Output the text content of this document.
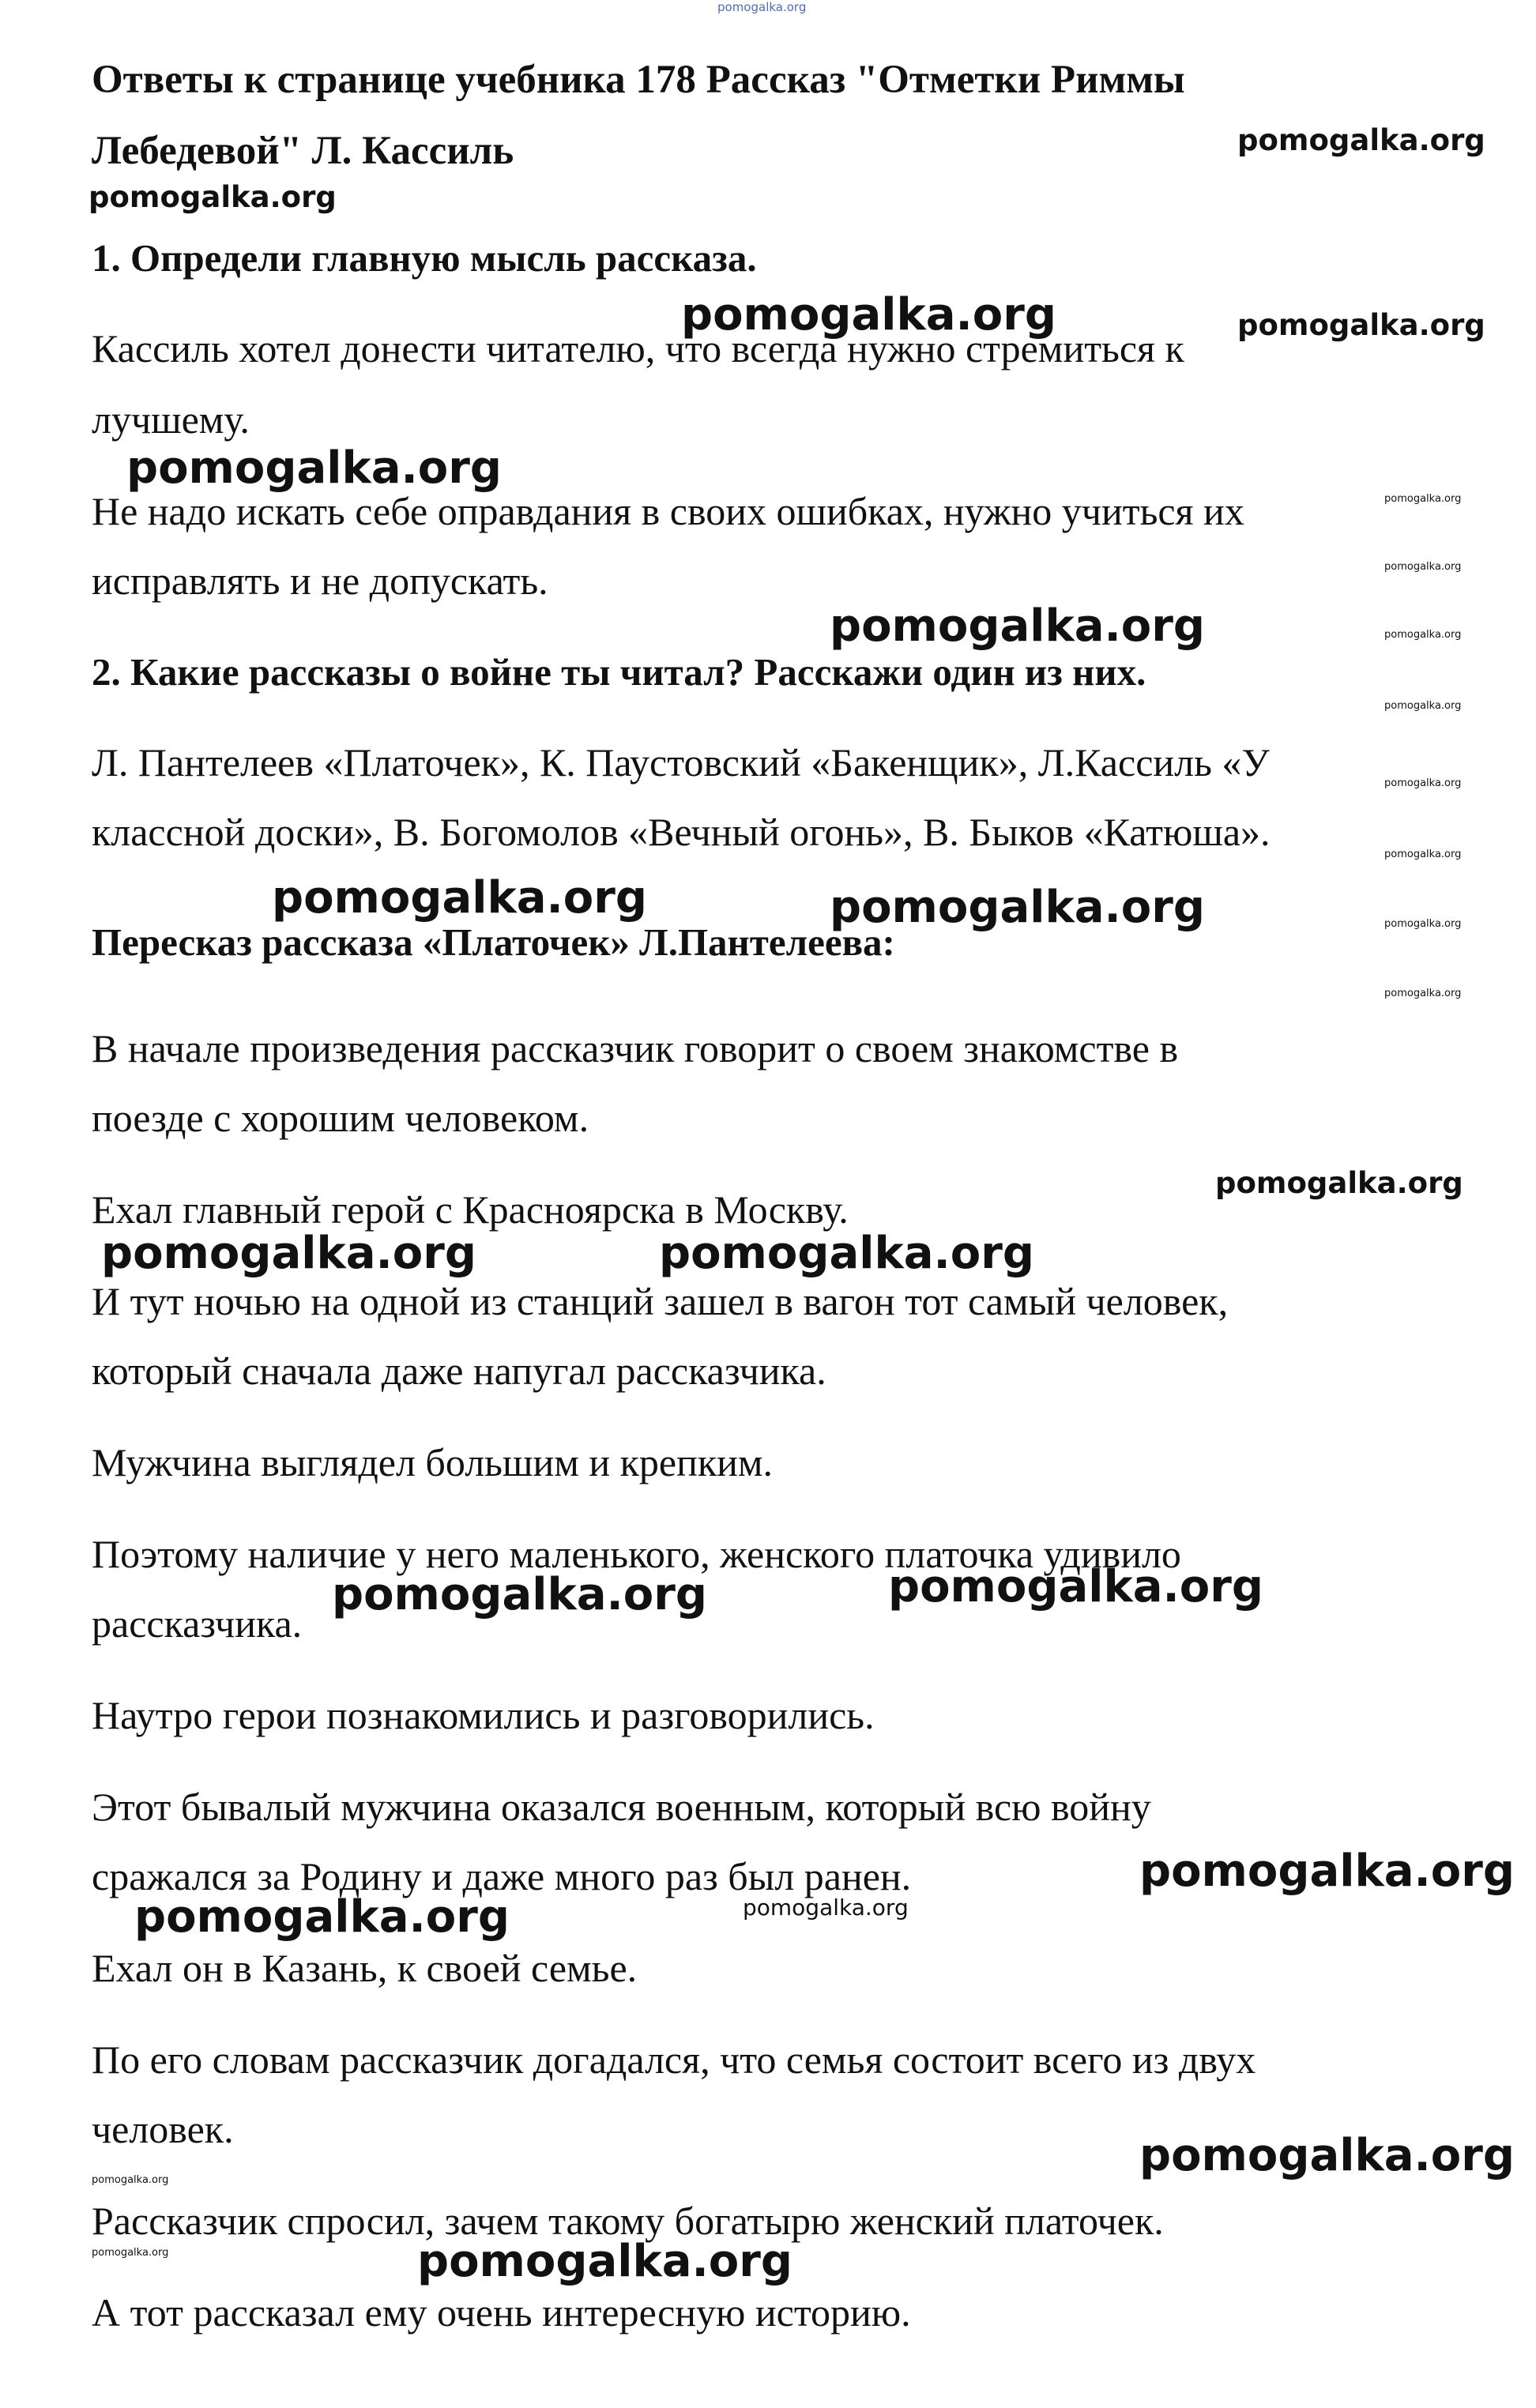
Ответы к странице учебника 178 Рассказ "Отметки Риммы
Лебедевой" Л. Кассиль
1. Определи главную мысль рассказа.
Кассиль хотел донести читателю, что всегда нужно стремиться к
лучшему.
Не надо искать себе оправдания в своих ошибках, нужно учиться их
исправлять и не допускать.
2. Какие рассказы о войне ты читал? Расскажи один из них.
Л. Пантелеев «Платочек», К. Паустовский «Бакенщик», Л.Кассиль «У
классной доски», В. Богомолов «Вечный огонь», В. Быков «Катюша».
Пересказ рассказа «Платочек» Л.Пантелеева:
В начале произведения рассказчик говорит о своем знакомстве в
поезде с хорошим человеком.
Ехал главный герой с Красноярска в Москву.
И тут ночью на одной из станций зашел в вагон тот самый человек,
который сначала даже напугал рассказчика.
Мужчина выглядел большим и крепким.
Поэтому наличие у него маленького, женского платочка удивило
рассказчика.
Наутро герои познакомились и разговорились.
Этот бывалый мужчина оказался военным, который всю войну
сражался за Родину и даже много раз был ранен.
Ехал он в Казань, к своей семье.
По его словам рассказчик догадался, что семья состоит всего из двух
человек.
Рассказчик спросил, зачем такому богатырю женский платочек.
А тот рассказал ему очень интересную историю.
pomogalka.org
pomogalka.org
pomogalka.org
pomogalka.org	pomogalka.org
pomogalka.org
pomogalka.org
pomogalka.org
pomogalka.org	pomogalka.org
pomogalka.org
pomogalka.org
pomogalka.org
pomogalka.org	pomogalka.org	pomogalka.org
pomogalka.org
pomogalka.org
pomogalka.org	pomogalka.org
pomogalka.org	pomogalka.org
pomogalka.org
pomogalka.org	pomogalka.org
pomogalka.org
pomogalka.org
pomogalka.org	pomogalka.org
